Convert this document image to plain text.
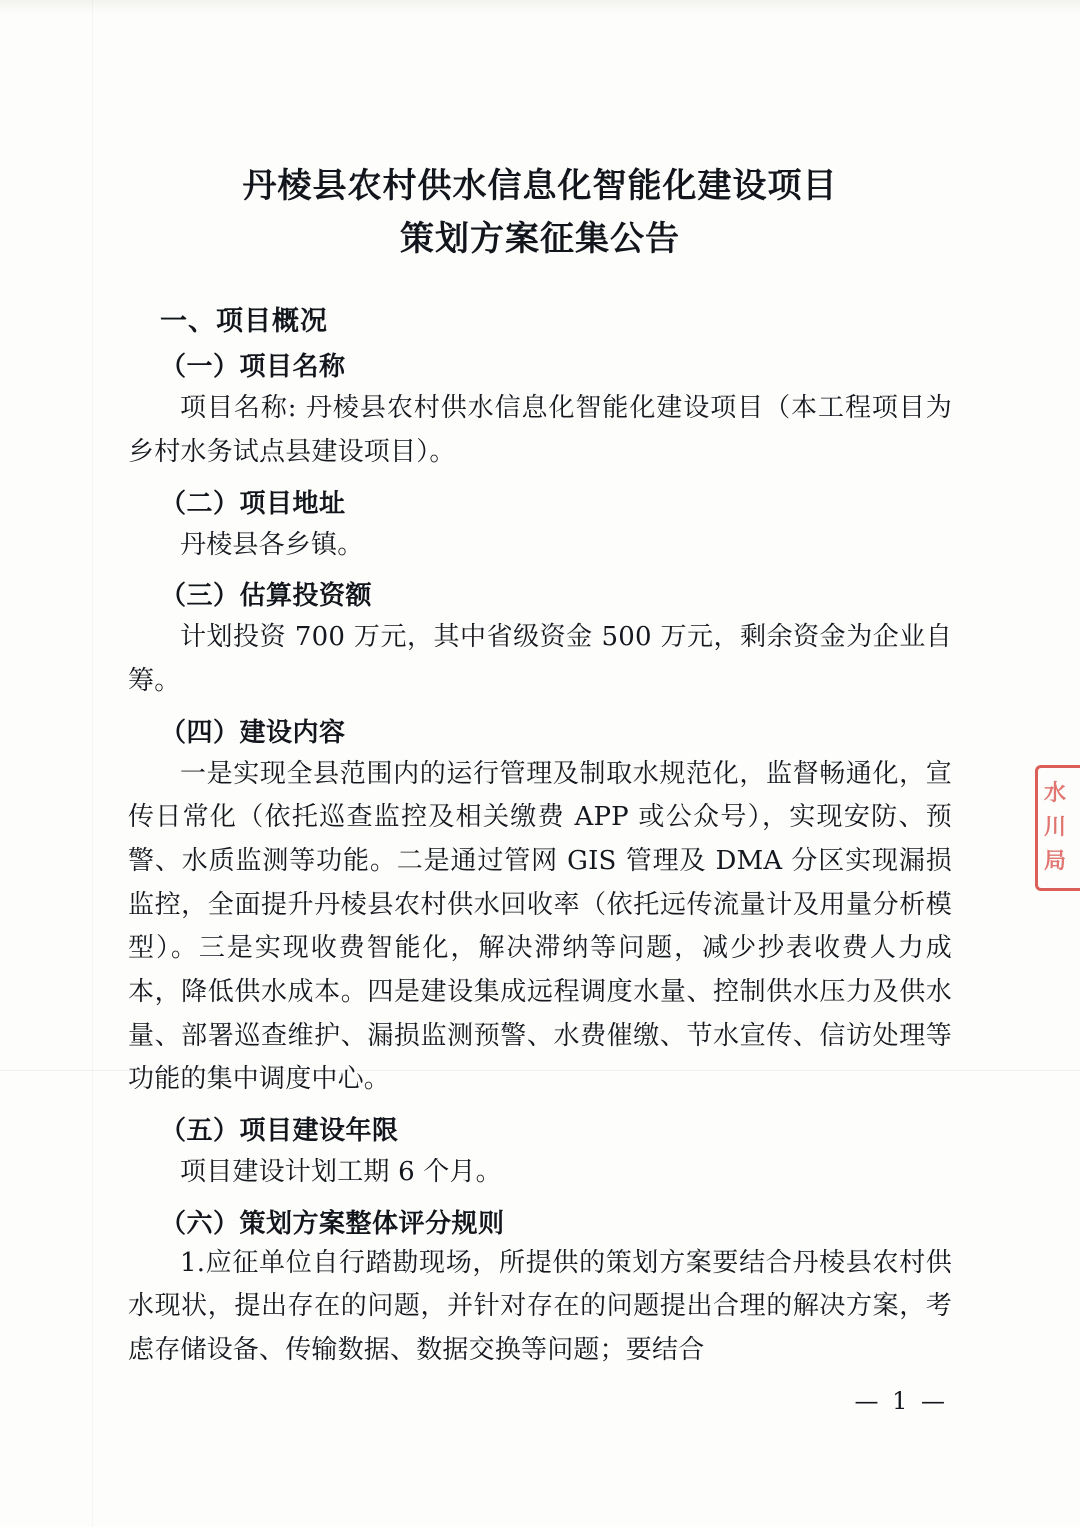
丹棱县农村供水信息化智能化建设项目
策划方案征集公告
一、项目概况
（一）项目名称

项目名称: 丹棱县农村供水信息化智能化建设项目（本工程项目为乡村水务试点县建设项目）。

（二）项目地址

丹棱县各乡镇。

（三）估算投资额

计划投资 700 万元，其中省级资金 500 万元，剩余资金为企业自筹。

（四）建设内容

一是实现全县范围内的运行管理及制取水规范化，监督畅通化，宣传日常化（依托巡查监控及相关缴费 APP 或公众号），实现安防、预警、水质监测等功能。二是通过管网 GIS 管理及 DMA 分区实现漏损监控，全面提升丹棱县农村供水回收率（依托远传流量计及用量分析模型）。三是实现收费智能化，解决滞纳等问题，减少抄表收费人力成本，降低供水成本。四是建设集成远程调度水量、控制供水压力及供水量、部署巡查维护、漏损监测预警、水费催缴、节水宣传、信访处理等功能的集中调度中心。

（五）项目建设年限

项目建设计划工期 6 个月。

（六）策划方案整体评分规则

1.应征单位自行踏勘现场，所提供的策划方案要结合丹棱县农村供水现状，提出存在的问题，并针对存在的问题提出合理的解决方案，考虑存储设备、传输数据、数据交换等问题；要结合

水
川
局
— 1 —
